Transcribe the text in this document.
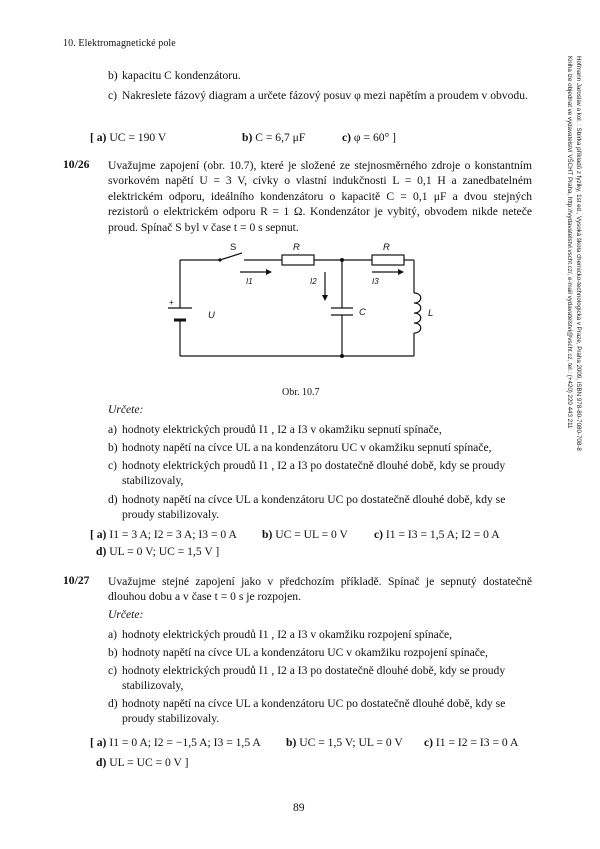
10. Elektromagnetické pole
b) kapacitu C kondenzátoru.
c) Nakreslete fázový diagram a určete fázový posuv φ mezi napětím a proudem v obvodu.
[ a) UC = 190 V	b) C = 6,7 μF	c) φ = 60° ]
10/26 Uvažujme zapojení (obr. 10.7), které je složené ze stejnosměrného zdroje o konstantním svorkovém napětí U = 3 V, cívky o vlastní indukčnosti L = 0,1 H a zanedbatelném elektrickém odporu, ideálního kondenzátoru o kapacitě C = 0,1 μF a dvou stejných rezistorů o elektrickém odporu R = 1 Ω. Kondenzátor je vybitý, obvodem nikde neteče proud. Spínač S byl v čase t = 0 s sepnut.
S	R	R
I1	I2	I3
+
U	C	L
Obr. 10.7
Určete:
a) hodnoty elektrických proudů I1 , I2 a I3 v okamžiku sepnutí spínače,
b) hodnoty napětí na cívce UL a na kondenzátoru UC v okamžiku sepnutí spínače,
c) hodnoty elektrických proudů I1 , I2 a I3 po dostatečně dlouhé době, kdy se proudy stabilizovaly,
d) hodnoty napětí na cívce UL a kondenzátoru UC po dostatečně dlouhé době, kdy se proudy stabilizovaly.
[ a) I1 = 3 A; I2 = 3 A; I3 = 0 A b) UC = UL = 0 V c) I1 = I3 = 1,5 A; I2 = 0 A
d) UL = 0 V; UC = 1,5 V ]
10/27 Uvažujme stejné zapojení jako v předchozím příkladě. Spínač je sepnutý dostatečně dlouhou dobu a v čase t = 0 s je rozpojen.
Určete:
a) hodnoty elektrických proudů I1 , I2 a I3 v okamžiku rozpojení spínače,
b) hodnoty napětí na cívce UL a kondenzátoru UC v okamžiku rozpojení spínače,
c) hodnoty elektrických proudů I1 , I2 a I3 po dostatečně dlouhé době, kdy se proudy stabilizovaly,
d) hodnoty napětí na cívce UL a kondenzátoru UC po dostatečně dlouhé době, kdy se proudy stabilizovaly.
[ a) I1 = 0 A; I2 = −1,5 A; I3 = 1,5 A b) UC = 1,5 V; UL = 0 V c) I1 = I2 = I3 = 0 A
d) UL = UC = 0 V ]
89
Hofmann Jaroslav a kol. : Sbírka příkladů z fyziky, 1st ed., Vysoká škola chemicko-technologická v Praze, Praha 2009, ISBN 978-80-7080-708-8
Kniha lze objednat ve vydavatelství VŠCHT Praha, http://vydavatelstvi.vscht.cz/, e-mail vydavatelstvi@vscht.cz, tel.: (+420) 220 443 211
